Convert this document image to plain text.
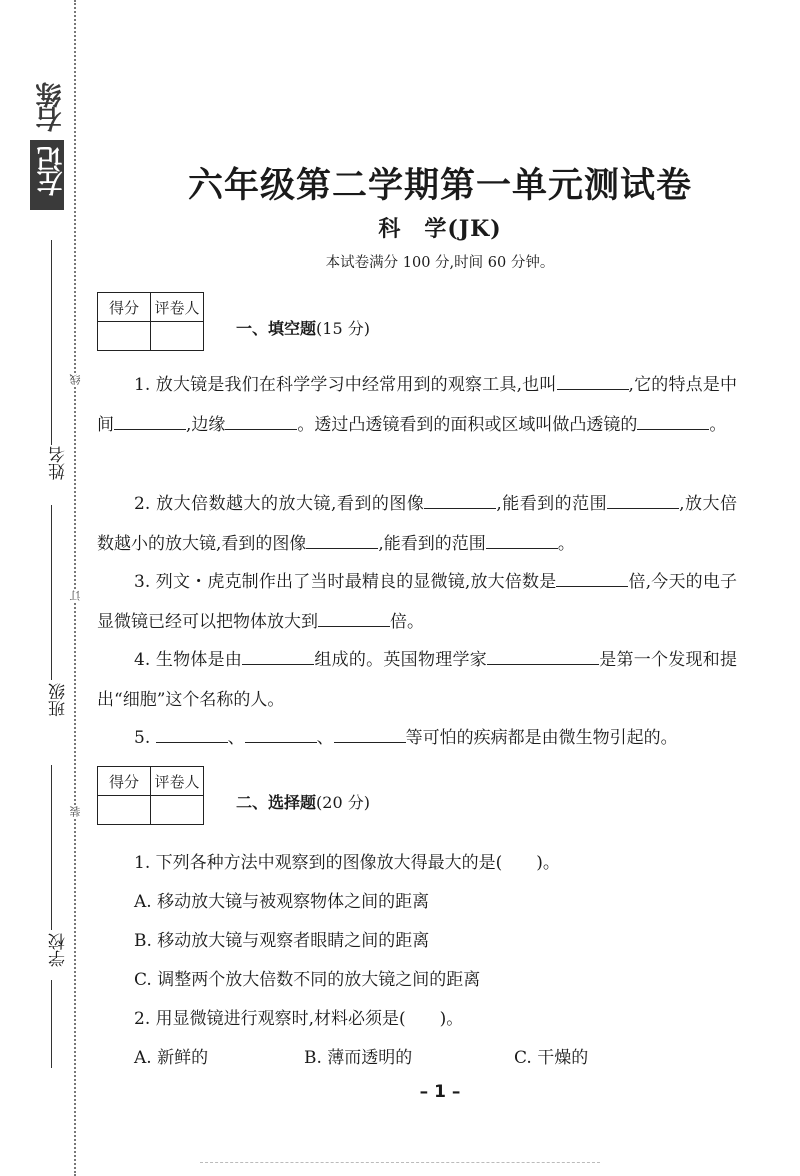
右练
左记
线
订
装
姓名
班级
学校
六年级第二学期第一单元测试卷
科　学(JK)
本试卷满分 100 分,时间 60 分钟。
得分	评卷人

一、填空题(15 分)
1. 放大镜是我们在科学学习中经常用到的观察工具,也叫	,它的特点是中间	,边缘	。透过凸透镜看到的面积或区域叫做凸透镜的	。
2. 放大倍数越大的放大镜,看到的图像	,能看到的范围	,放大倍数越小的放大镜,看到的图像	,能看到的范围	。
3. 列文・虎克制作出了当时最精良的显微镜,放大倍数是	倍,今天的电子显微镜已经可以把物体放大到	倍。
4. 生物体是由	组成的。英国物理学家	是第一个发现和提出“细胞”这个名称的人。
5.	、	、	等可怕的疾病都是由微生物引起的。
得分	评卷人

二、选择题(20 分)
1. 下列各种方法中观察到的图像放大得最大的是(　　)。
A. 移动放大镜与被观察物体之间的距离
B. 移动放大镜与观察者眼睛之间的距离
C. 调整两个放大倍数不同的放大镜之间的距离
2. 用显微镜进行观察时,材料必须是(　　)。
A. 新鲜的	B. 薄而透明的	C. 干燥的
– 1 –
